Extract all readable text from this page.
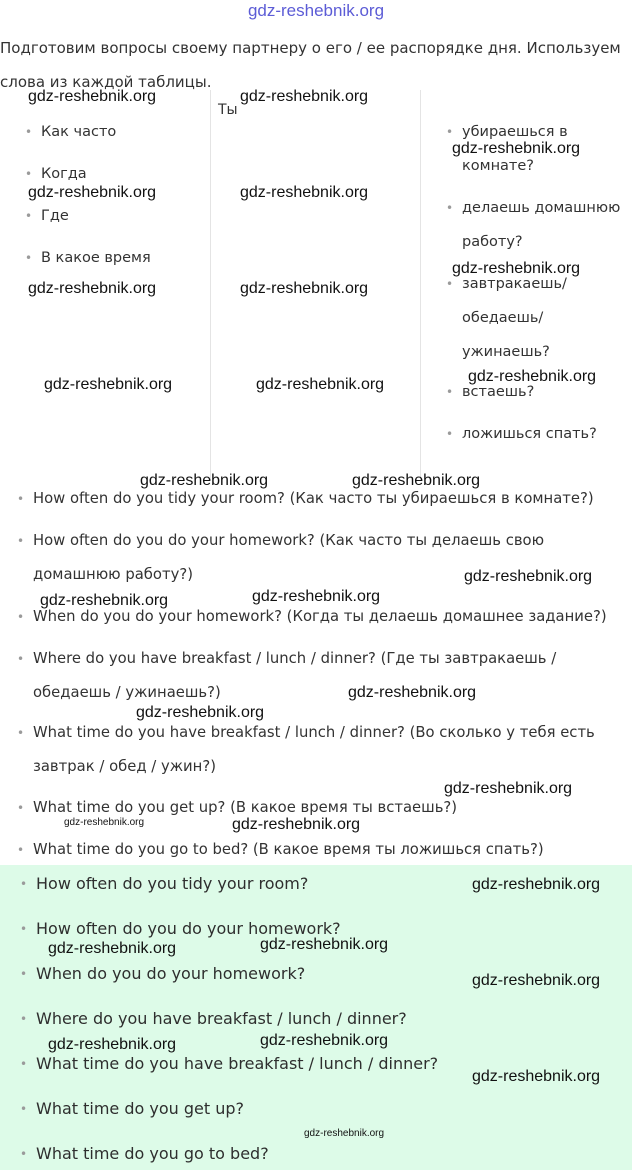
gdz-reshebnik.org
Подготовим вопросы своему партнеру о его / ее распорядке дня. Используем слова из каждой таблицы.
• Как часто
• Когда
• Где
• В какое время
Ты
• убираешься в комнате?
• делаешь домашнюю работу?
• завтракаешь/ обедаешь/ ужинаешь?
• встаешь?
• ложишься спать?
• How often do you tidy your room? (Как часто ты убираешься в комнате?)
• How often do you do your homework? (Как часто ты делаешь свою домашнюю работу?)
• When do you do your homework? (Когда ты делаешь домашнее задание?)
• Where do you have breakfast / lunch / dinner? (Где ты завтракаешь / обедаешь / ужинаешь?)
• What time do you have breakfast / lunch / dinner? (Во сколько у тебя есть завтрак / обед / ужин?)
• What time do you get up? (В какое время ты встаешь?)
• What time do you go to bed? (В какое время ты ложишься спать?)
• How often do you tidy your room?
• How often do you do your homework?
• When do you do your homework?
• Where do you have breakfast / lunch / dinner?
• What time do you have breakfast / lunch / dinner?
• What time do you get up?
• What time do you go to bed?
gdz-reshebnik.org	gdz-reshebnik.org
gdz-reshebnik.org
gdz-reshebnik.org	gdz-reshebnik.org
gdz-reshebnik.org
gdz-reshebnik.org	gdz-reshebnik.org
gdz-reshebnik.org
gdz-reshebnik.org	gdz-reshebnik.org
gdz-reshebnik.org	gdz-reshebnik.org
gdz-reshebnik.org
gdz-reshebnik.org
gdz-reshebnik.org
gdz-reshebnik.org
gdz-reshebnik.org
gdz-reshebnik.org
gdz-reshebnik.org	gdz-reshebnik.org
gdz-reshebnik.org
gdz-reshebnik.org
gdz-reshebnik.org
gdz-reshebnik.org
gdz-reshebnik.org
gdz-reshebnik.org
gdz-reshebnik.org
gdz-reshebnik.org
